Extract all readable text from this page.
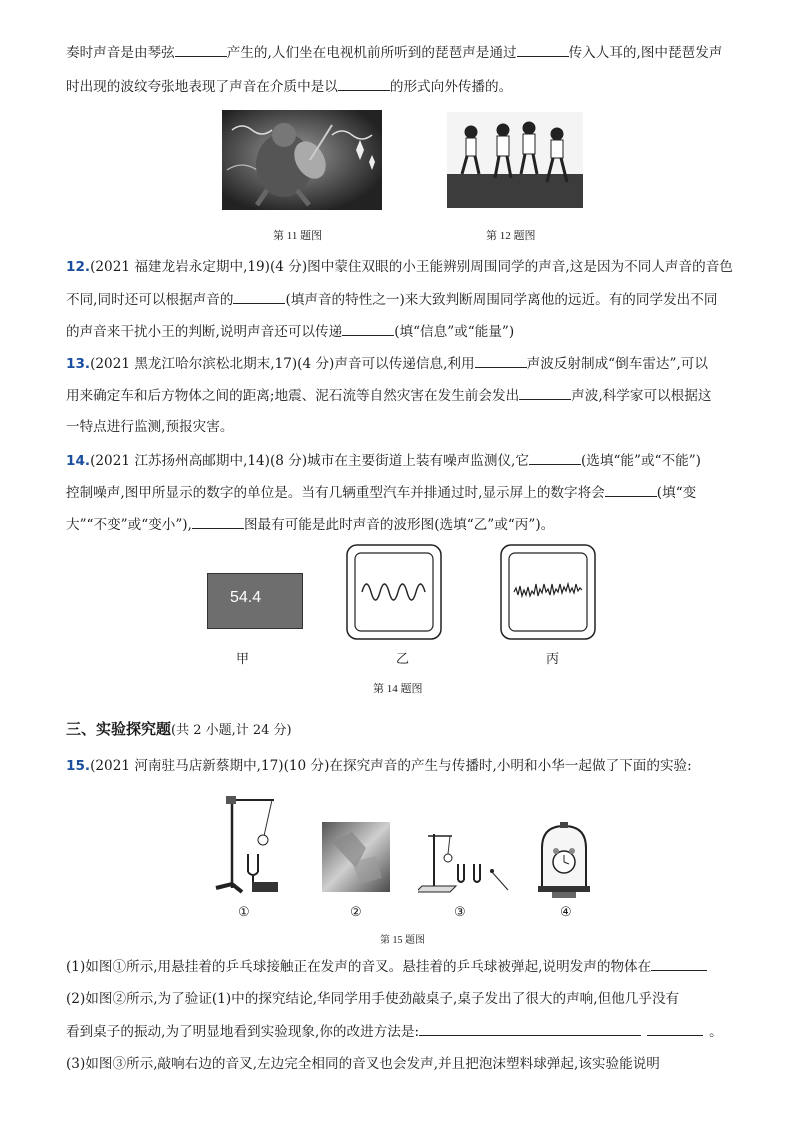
奏时声音是由琴弦	产生的,人们坐在电视机前所听到的琵琶声是通过	传入人耳的,图中琵琶发声
时出现的波纹夸张地表现了声音在介质中是以	的形式向外传播的。
第 11 题图	第 12 题图
12.(2021 福建龙岩永定期中,19)(4 分)图中蒙住双眼的小王能辨别周围同学的声音,这是因为不同人声音的音色
不同,同时还可以根据声音的	(填声音的特性之一)来大致判断周围同学离他的远近。有的同学发出不同
的声音来干扰小王的判断,说明声音还可以传递	(填“信息”或“能量”)
13.(2021 黑龙江哈尔滨松北期末,17)(4 分)声音可以传递信息,利用	声波反射制成“倒车雷达”,可以
用来确定车和后方物体之间的距离;地震、泥石流等自然灾害在发生前会发出	声波,科学家可以根据这
一特点进行监测,预报灾害。
14.(2021 江苏扬州高邮期中,14)(8 分)城市在主要街道上装有噪声监测仪,它	(选填“能”或“不能”)
控制噪声,图甲所显示的数字的单位是。当有几辆重型汽车并排通过时,显示屏上的数字将会	(填“变
大”“不变”或“变小”),	图最有可能是此时声音的波形图(选填“乙”或“丙”)。
54.4
甲	乙	丙
第 14 题图
三、实验探究题(共 2 小题,计 24 分)
15.(2021 河南驻马店新蔡期中,17)(10 分)在探究声音的产生与传播时,小明和小华一起做了下面的实验:
①	②	③	④
第 15 题图
(1)如图①所示,用悬挂着的乒乓球接触正在发声的音叉。悬挂着的乒乓球被弹起,说明发声的物体在
(2)如图②所示,为了验证(1)中的探究结论,华同学用手使劲敲桌子,桌子发出了很大的声响,但他几乎没有
看到桌子的振动,为了明显地看到实验现象,你的改进方法是:	。
(3)如图③所示,敲响右边的音叉,左边完全相同的音叉也会发声,并且把泡沫塑料球弹起,该实验能说明
